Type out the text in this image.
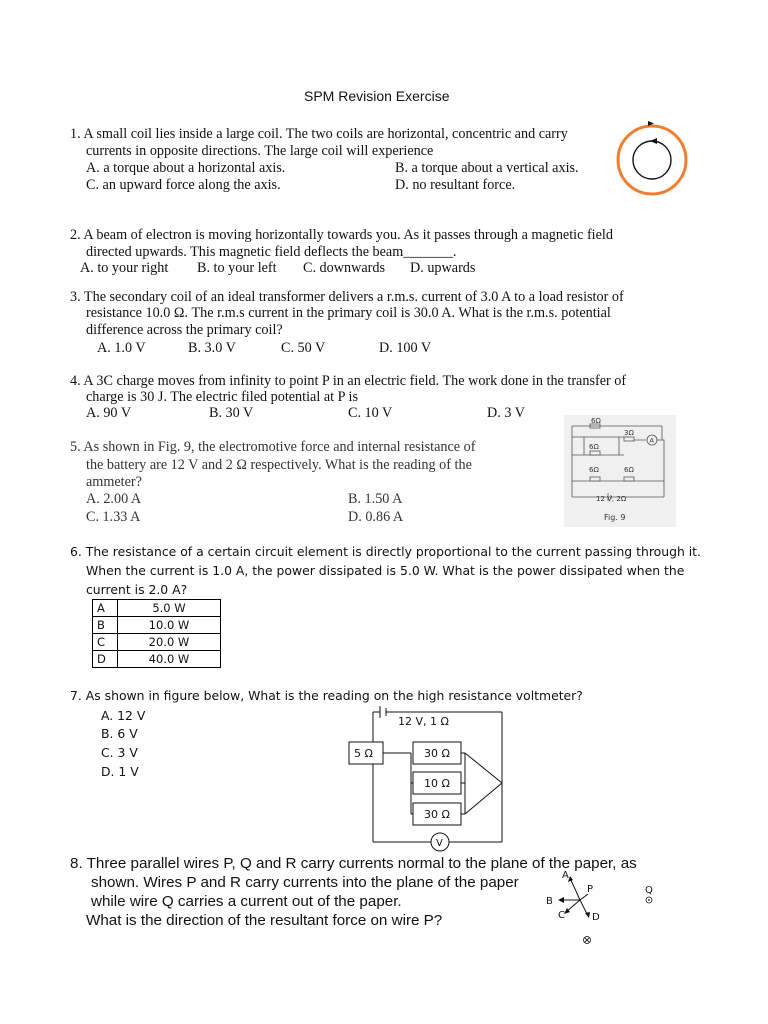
SPM Revision Exercise
1. A small coil lies inside a large coil. The two coils are horizontal, concentric and carry
currents in opposite directions. The large coil will experience
A. a torque about a horizontal axis.	B. a torque about a vertical axis.
C. an upward force along the axis.	D. no resultant force.
2. A beam of electron is moving horizontally towards you. As it passes through a magnetic field
directed upwards. This magnetic field deflects the beam_______.
A. to your right B. to your left C. downwards D. upwards
3. The secondary coil of an ideal transformer delivers a r.m.s. current of 3.0 A to a load resistor of
resistance 10.0 Ω. The r.m.s current in the primary coil is 30.0 A. What is the r.m.s. potential
difference across the primary coil?
A. 1.0 V	B. 3.0 V	C. 50 V	D. 100 V
4. A 3C charge moves from infinity to point P in an electric field. The work done in the transfer of
charge is 30 J. The electric filed potential at P is
A. 90 V	B. 30 V	C. 10 V	D. 3 V
5. As shown in Fig. 9, the electromotive force and internal resistance of
the battery are 12 V and 2 Ω respectively. What is the reading of the
ammeter?
A. 2.00 A	B. 1.50 A
C. 1.33 A	D. 0.86 A
A
6Ω
6Ω
3Ω
6Ω	6Ω
12 V, 2Ω
Fig. 9
6. The resistance of a certain circuit element is directly proportional to the current passing through it.
When the current is 1.0 A, the power dissipated is 5.0 W. What is the power dissipated when the
current is 2.0 A?
A	5.0 W
B	10.0 W
C	20.0 W
D	40.0 W
7. As shown in figure below, What is the reading on the high resistance voltmeter?
A. 12 V
B. 6 V
C. 3 V
D. 1 V
12 V, 1 Ω
5 Ω	30 Ω
10 Ω
30 Ω
V
8. Three parallel wires P, Q and R carry currents normal to the plane of the paper, as
shown. Wires P and R carry currents into the plane of the paper
while wire Q carries a current out of the paper.
What is the direction of the resultant force on wire P?
A
B
C	D
P	Q
